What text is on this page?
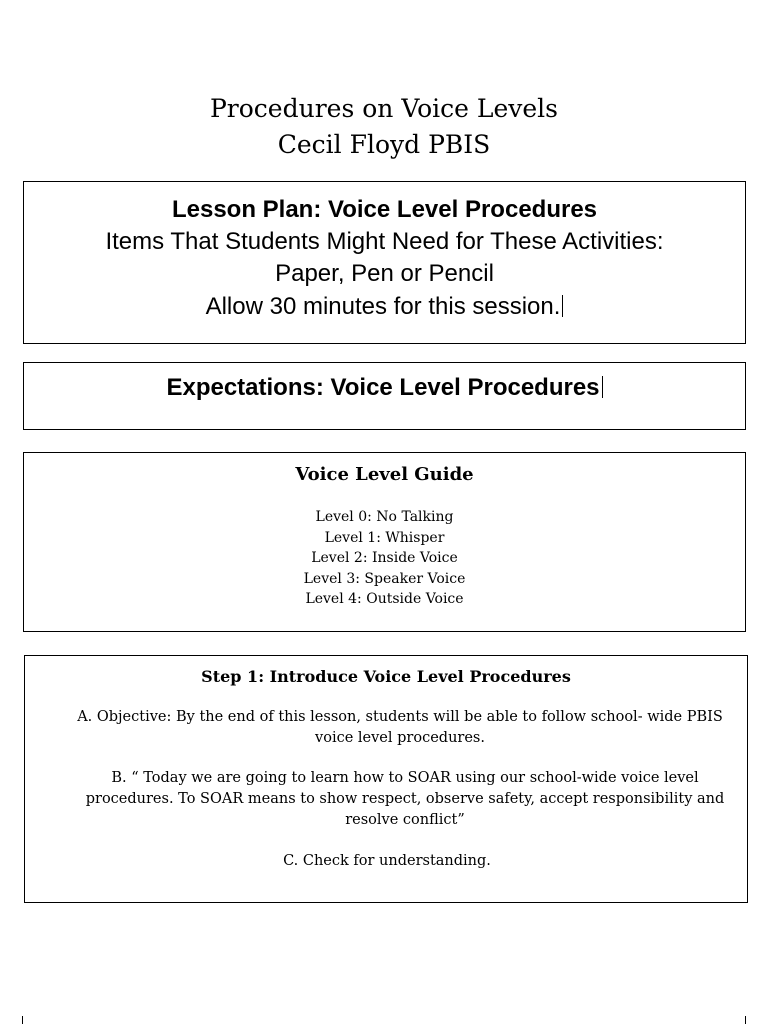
Procedures on Voice Levels
Cecil Floyd PBIS
Lesson Plan: Voice Level Procedures
Items That Students Might Need for These Activities:
Paper, Pen or Pencil
Allow 30 minutes for this session.
Expectations: Voice Level Procedures
Voice Level Guide
Level 0: No Talking
Level 1: Whisper
Level 2: Inside Voice
Level 3: Speaker Voice
Level 4: Outside Voice
Step 1: Introduce Voice Level Procedures
A. Objective: By the end of this lesson, students will be able to follow school- wide PBIS voice level procedures.
B. “ Today we are going to learn how to SOAR using our school-wide voice level procedures. To SOAR means to show respect, observe safety, accept responsibility and resolve conflict”
C. Check for understanding.
